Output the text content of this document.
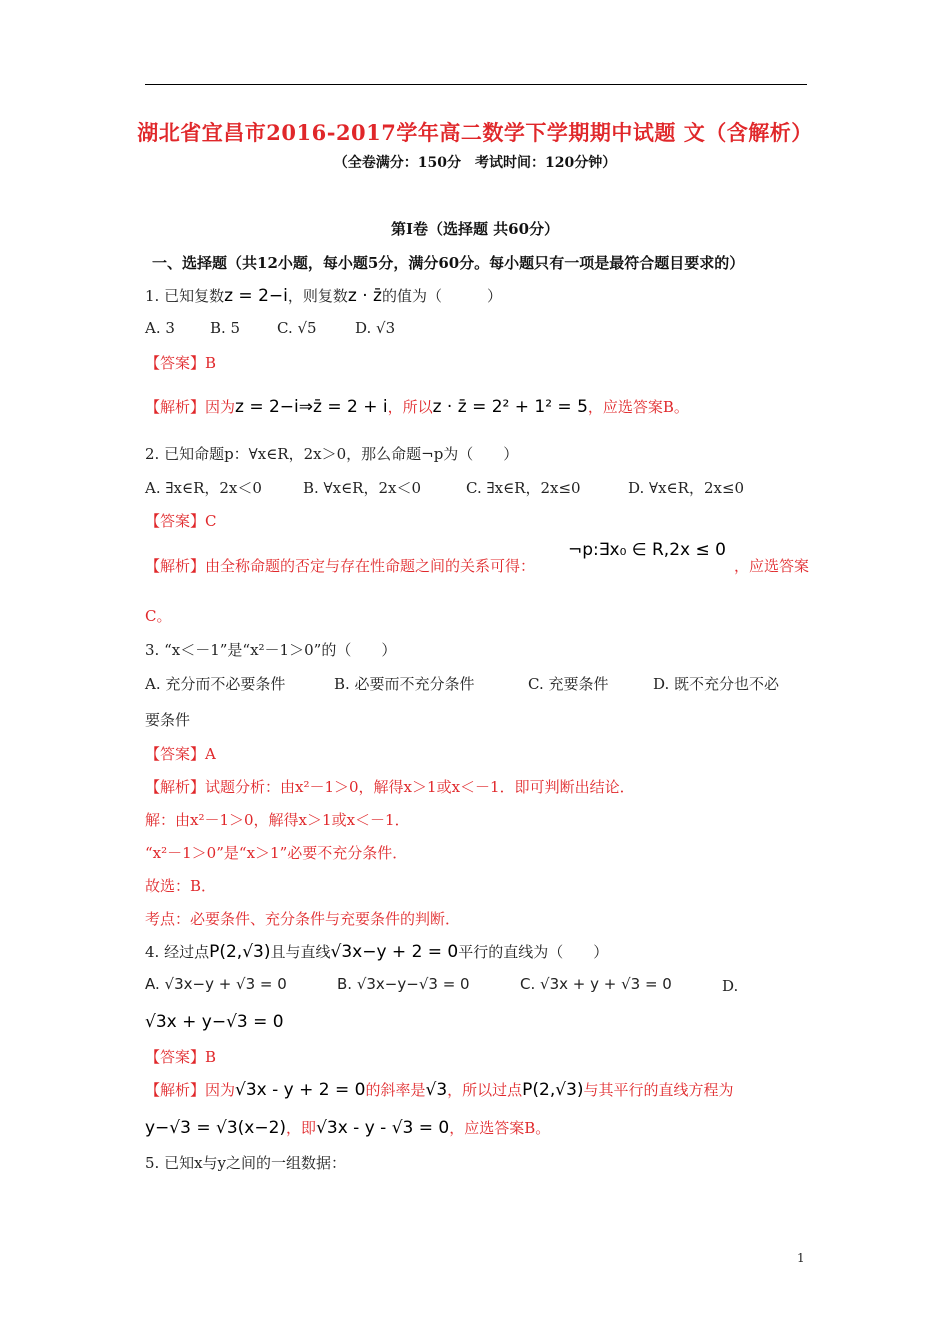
湖北省宜昌市2016-2017学年高二数学下学期期中试题 文（含解析）
（全卷满分：150分　考试时间：120分钟）
第Ⅰ卷（选择题 共60分）
一、选择题（共12小题，每小题5分，满分60分。每小题只有一项是最符合题目要求的）
1. 已知复数z = 2−i，则复数z · z̄的值为（　　　）
A. 3 B. 5 C. √5	D. √3
【答案】B
【解析】因为z = 2−i⇒z̄ = 2 + i，所以z · z̄ = 2² + 1² = 5，应选答案B。
2. 已知命题p：∀x∈R，2x＞0，那么命题¬p为（　　）
A. ∃x∈R，2x＜0	B. ∀x∈R，2x＜0	C. ∃x∈R，2x≤0	D. ∀x∈R，2x≤0
【答案】C
【解析】由全称命题的否定与存在性命题之间的关系可得：
¬p:∃x₀ ∈ R,2x ≤ 0
，应选答案
C。
3. “x＜－1”是“x²－1＞0”的（　　）
A. 充分而不必要条件	B. 必要而不充分条件	C. 充要条件	D. 既不充分也不必
要条件
【答案】A
【解析】试题分析：由x²－1＞0，解得x＞1或x＜－1．即可判断出结论．
解：由x²－1＞0，解得x＞1或x＜－1．
“x²－1＞0”是“x＞1”必要不充分条件．
故选：B．
考点：必要条件、充分条件与充要条件的判断．
4. 经过点P(2,√3)且与直线√3x−y + 2 = 0平行的直线为（　　）
A. √3x−y + √3 = 0	B. √3x−y−√3 = 0	C. √3x + y + √3 = 0	D.
√3x + y−√3 = 0
【答案】B
【解析】因为√3x - y + 2 = 0的斜率是√3，所以过点P(2,√3)与其平行的直线方程为
y−√3 = √3(x−2)，即√3x - y - √3 = 0，应选答案B。
5. 已知x与y之间的一组数据：
1
